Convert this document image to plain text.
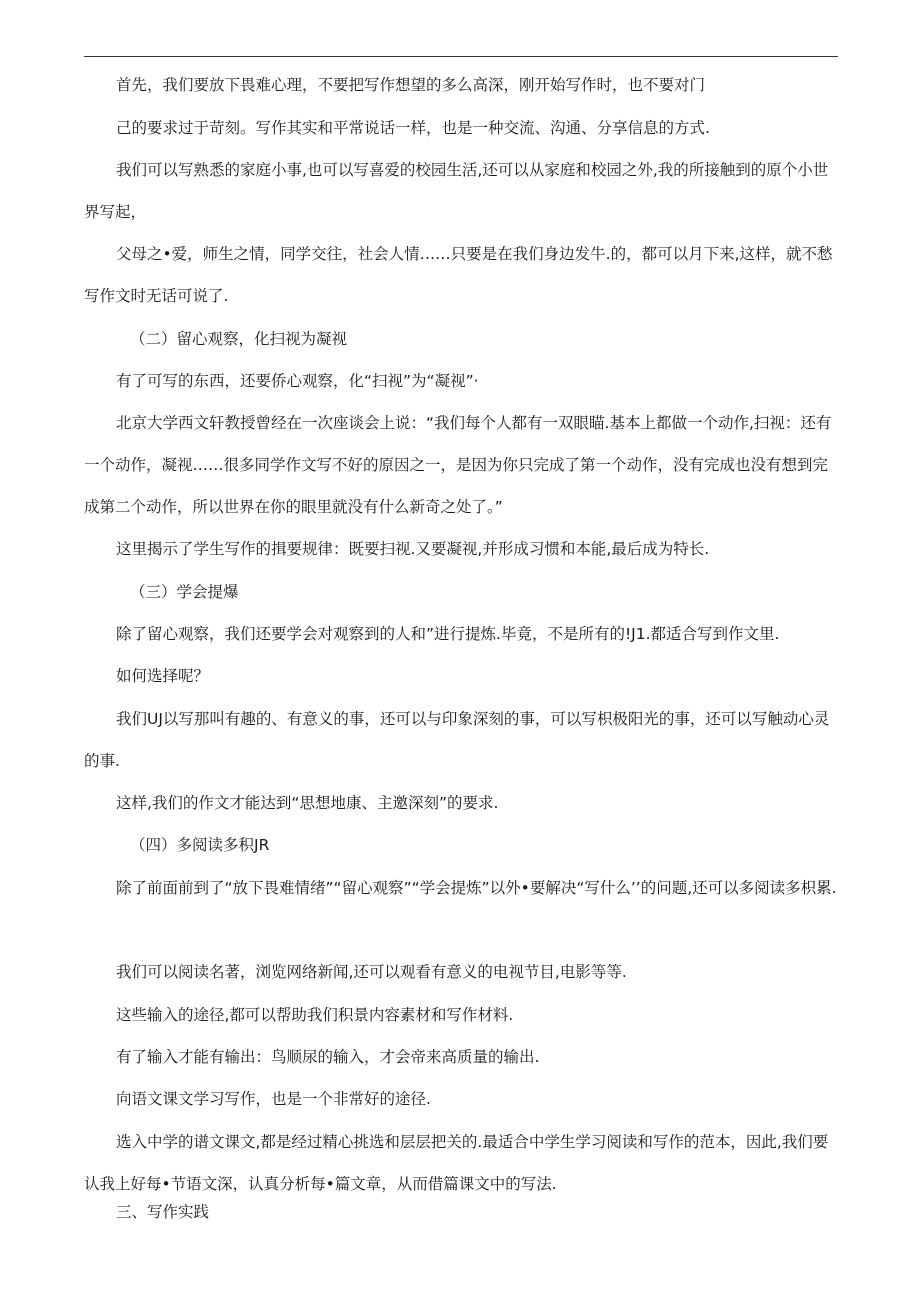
首先，我们要放下畏难心理，不要把写作想望的多么高深，刚开始写作时，也不要对门

己的要求过于苛刻。写作其实和平常说话一样，也是一种交流、沟通、分享信息的方式.

我们可以写熟悉的家庭小事,也可以写喜爱的校园生活,还可以从家庭和校园之外,我的所接触到的原个小世界写起，

父母之•爱，师生之情，同学交往，社会人情……只要是在我们身边发牛.的，都可以月下来,这样，就不愁写作文时无话可说了.

（二）留心观察，化扫视为凝视

有了可写的东西，还要侨心观察，化“扫视”为“凝视”·

北京大学西文轩教授曾经在一次座谈会上说：“我们每个人都有一双眼瞄.基本上都做一个动作,扫视：还有一个动作，凝视……很多同学作文写不好的原因之一，是因为你只完成了第一个动作，没有完成也没有想到完成第二个动作，所以世界在你的眼里就没有什么新奇之处了。”

这里揭示了学生写作的揖要规律：既要扫视.又要凝视,并形成习惯和本能,最后成为特长.

（三）学会提爆

除了留心观察，我们还要学会对观察到的人和”进行提炼.毕竟，不是所有的!J1.都适合写到作文里.

如何选择呢？

我们UJ以写那叫有趣的、有意义的事，还可以与印象深刻的事，可以写枳极阳光的事，还可以写触动心灵的事.

这样,我们的作文才能达到“思想地康、主邀深刻”的要求.

（四）多阅读多积JR

除了前面前到了“放下畏难情绪”“留心观察”“学会提炼”以外•要解决“写什么’’的问题,还可以多阅读多枳累.

我们可以阅读名著，浏览网络新闻,还可以观看有意义的电视节目,电影等等.

这些输入的途径,都可以帮助我们积景内容素材和写作材料.

有了输入才能有输出：鸟顺尿的输入，才会帝来高质量的输出.

向语文课文学习写作，也是一个非常好的途径.

选入中学的谱文课文,都是经过精心挑选和层层把关的.最适合中学生学习阅读和写作的范本，因此,我们要认我上好每•节语文深，认真分析每•篇文章，从而借篇课文中的写法.

三、写作实践
